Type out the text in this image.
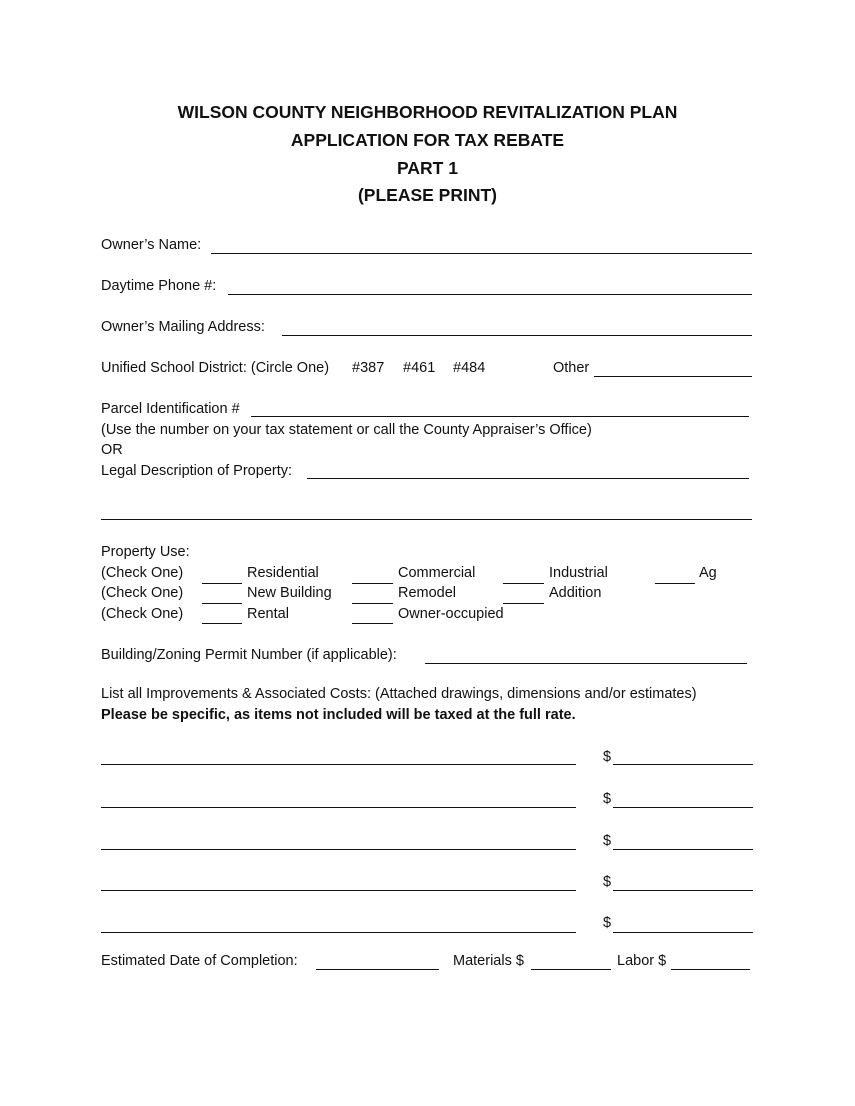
WILSON COUNTY NEIGHBORHOOD REVITALIZATION PLAN
APPLICATION FOR TAX REBATE
PART 1
(PLEASE PRINT)
Owner’s Name:
Daytime Phone #:
Owner’s Mailing Address:
Unified School District: (Circle One) #387 #461 #484	Other
Parcel Identification #
(Use the number on your tax statement or call the County Appraiser’s Office)
OR
Legal Description of Property:
Property Use:
(Check One)	Residential	Commercial	Industrial	Ag
(Check One)	New Building	Remodel	Addition
(Check One)	Rental	Owner-occupied
Building/Zoning Permit Number (if applicable):
List all Improvements & Associated Costs: (Attached drawings, dimensions and/or estimates)
Please be specific, as items not included will be taxed at the full rate.
$
$
$
$
$
Estimated Date of Completion:	Materials $	Labor $
